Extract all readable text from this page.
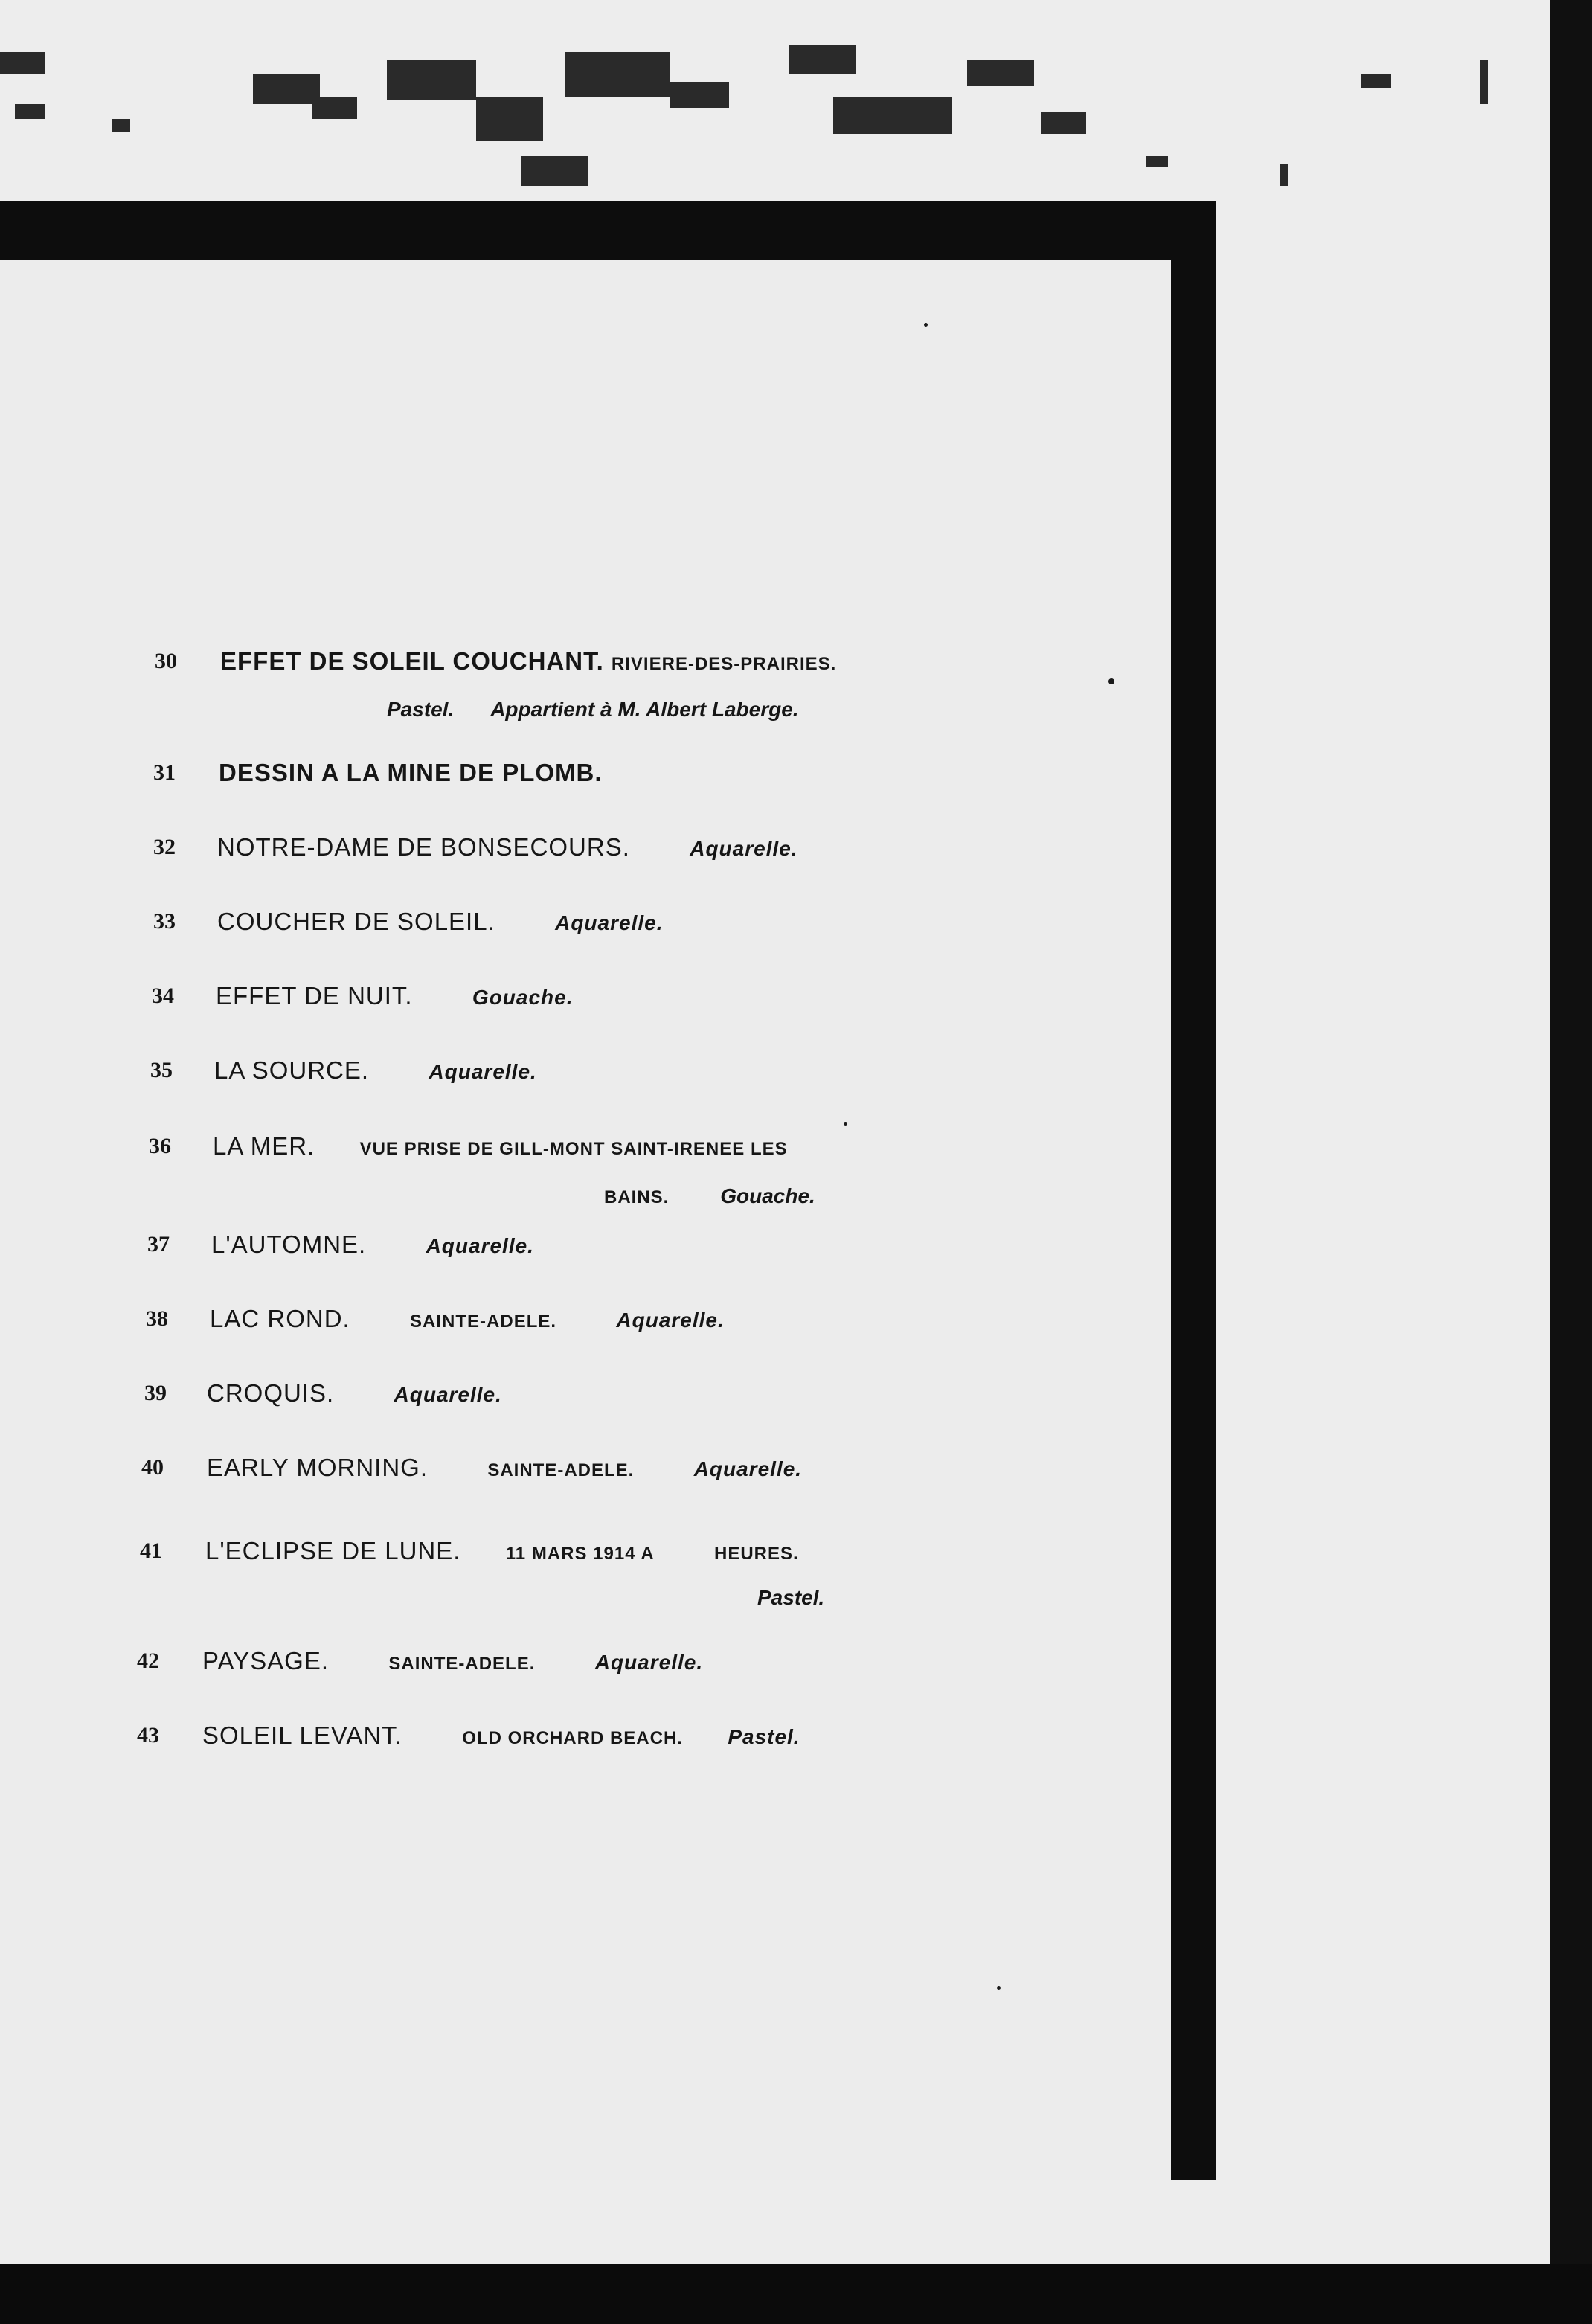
30 EFFET DE SOLEIL COUCHANT. RIVIERE-DES-PRAIRIES.
Pastel. Appartient à M. Albert Laberge.
31 DESSIN A LA MINE DE PLOMB.
32 NOTRE-DAME DE BONSECOURS.	Aquarelle.
33 COUCHER DE SOLEIL.	Aquarelle.
34 EFFET DE NUIT.	Gouache.
35 LA SOURCE.	Aquarelle.
36 LA MER.	VUE PRISE DE GILL-MONT SAINT-IRENEE LES
BAINS. Gouache.
37 L'AUTOMNE.	Aquarelle.
38 LAC ROND.	SAINTE-ADELE.	Aquarelle.
39 CROQUIS.	Aquarelle.
40 EARLY MORNING.	SAINTE-ADELE.	Aquarelle.
41 L'ECLIPSE DE LUNE.	11 MARS 1914 A	HEURES.
Pastel.
42 PAYSAGE.	SAINTE-ADELE.	Aquarelle.
43 SOLEIL LEVANT.	OLD ORCHARD BEACH. Pastel.
